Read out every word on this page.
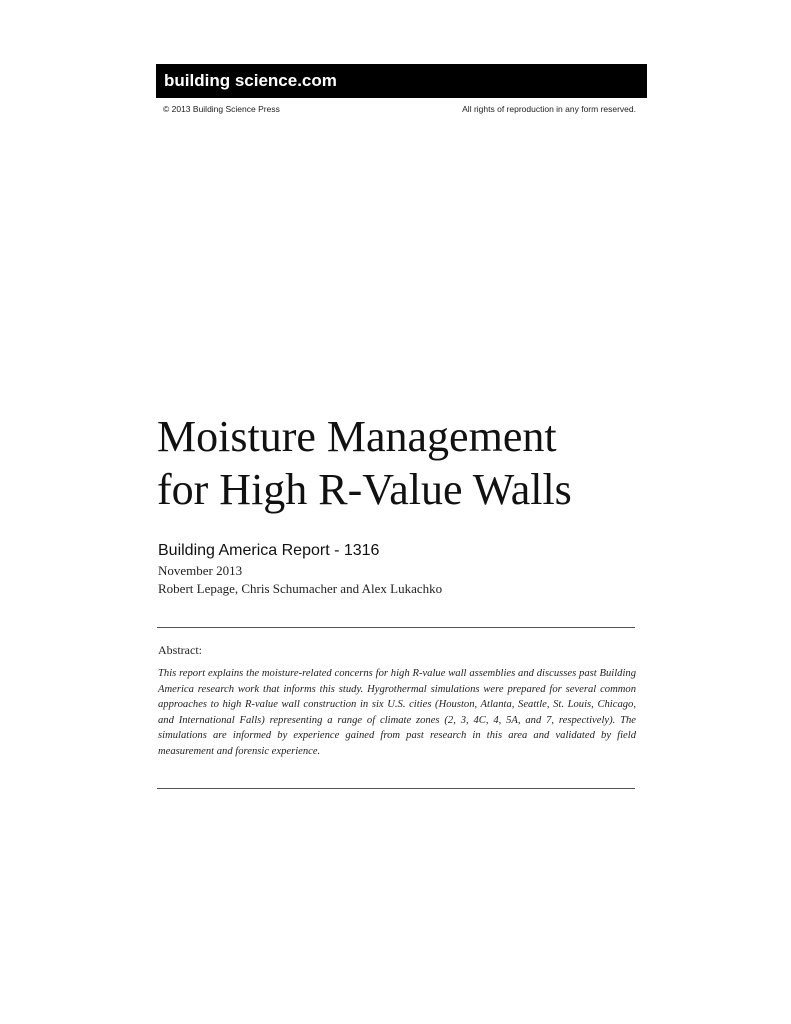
building science.com
© 2013 Building Science Press	All rights of reproduction in any form reserved.
Moisture Management
for High R-Value Walls
Building America Report - 1316
November 2013
Robert Lepage, Chris Schumacher and Alex Lukachko
Abstract:

This report explains the moisture-related concerns for high R-value wall assemblies and discusses past Building America research work that informs this study. Hygrothermal simulations were prepared for several common approaches to high R-value wall construction in six U.S. cities (Houston, Atlanta, Seattle, St. Louis, Chicago, and International Falls) representing a range of climate zones (2, 3, 4C, 4, 5A, and 7, respectively). The simulations are informed by experience gained from past research in this area and validated by field measurement and forensic experience.
